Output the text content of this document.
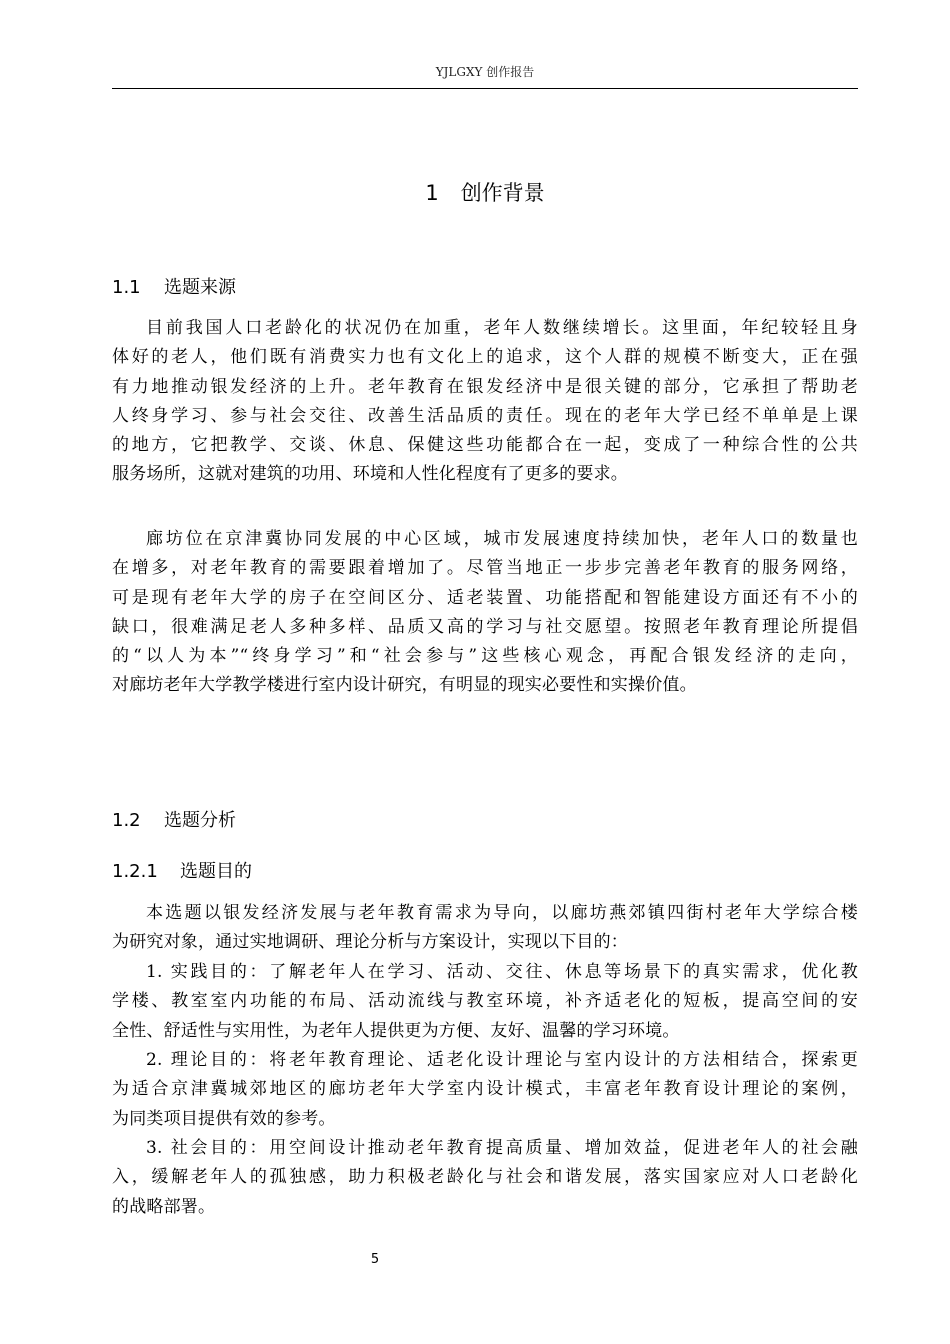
YJLGXY 创作报告
1 创作背景
1.1 选题来源

目前我国人口老龄化的状况仍在加重，老年人数继续增长。这里面，年纪较轻且身
体好的老人，他们既有消费实力也有文化上的追求，这个人群的规模不断变大，正在强
有力地推动银发经济的上升。老年教育在银发经济中是很关键的部分，它承担了帮助老
人终身学习、参与社会交往、改善生活品质的责任。现在的老年大学已经不单单是上课
的地方，它把教学、交谈、休息、保健这些功能都合在一起，变成了一种综合性的公共
服务场所，这就对建筑的功用、环境和人性化程度有了更多的要求。

廊坊位在京津冀协同发展的中心区域，城市发展速度持续加快，老年人口的数量也
在增多，对老年教育的需要跟着增加了。尽管当地正一步步完善老年教育的服务网络，
可是现有老年大学的房子在空间区分、适老装置、功能搭配和智能建设方面还有不小的
缺口，很难满足老人多种多样、品质又高的学习与社交愿望。按照老年教育理论所提倡
的“以人为本”“终身学习”和“社会参与”这些核心观念，再配合银发经济的走向，
对廊坊老年大学教学楼进行室内设计研究，有明显的现实必要性和实操价值。

1.2 选题分析
1.2.1 选题目的

本选题以银发经济发展与老年教育需求为导向，以廊坊燕郊镇四街村老年大学综合楼
为研究对象，通过实地调研、理论分析与方案设计，实现以下目的：

1. 实践目的：了解老年人在学习、活动、交往、休息等场景下的真实需求，优化教
学楼、教室室内功能的布局、活动流线与教室环境，补齐适老化的短板，提高空间的安
全性、舒适性与实用性，为老年人提供更为方便、友好、温馨的学习环境。

2. 理论目的：将老年教育理论、适老化设计理论与室内设计的方法相结合，探索更
为适合京津冀城郊地区的廊坊老年大学室内设计模式，丰富老年教育设计理论的案例，
为同类项目提供有效的参考。

3. 社会目的：用空间设计推动老年教育提高质量、增加效益，促进老年人的社会融
入，缓解老年人的孤独感，助力积极老龄化与社会和谐发展，落实国家应对人口老龄化
的战略部署。

5
